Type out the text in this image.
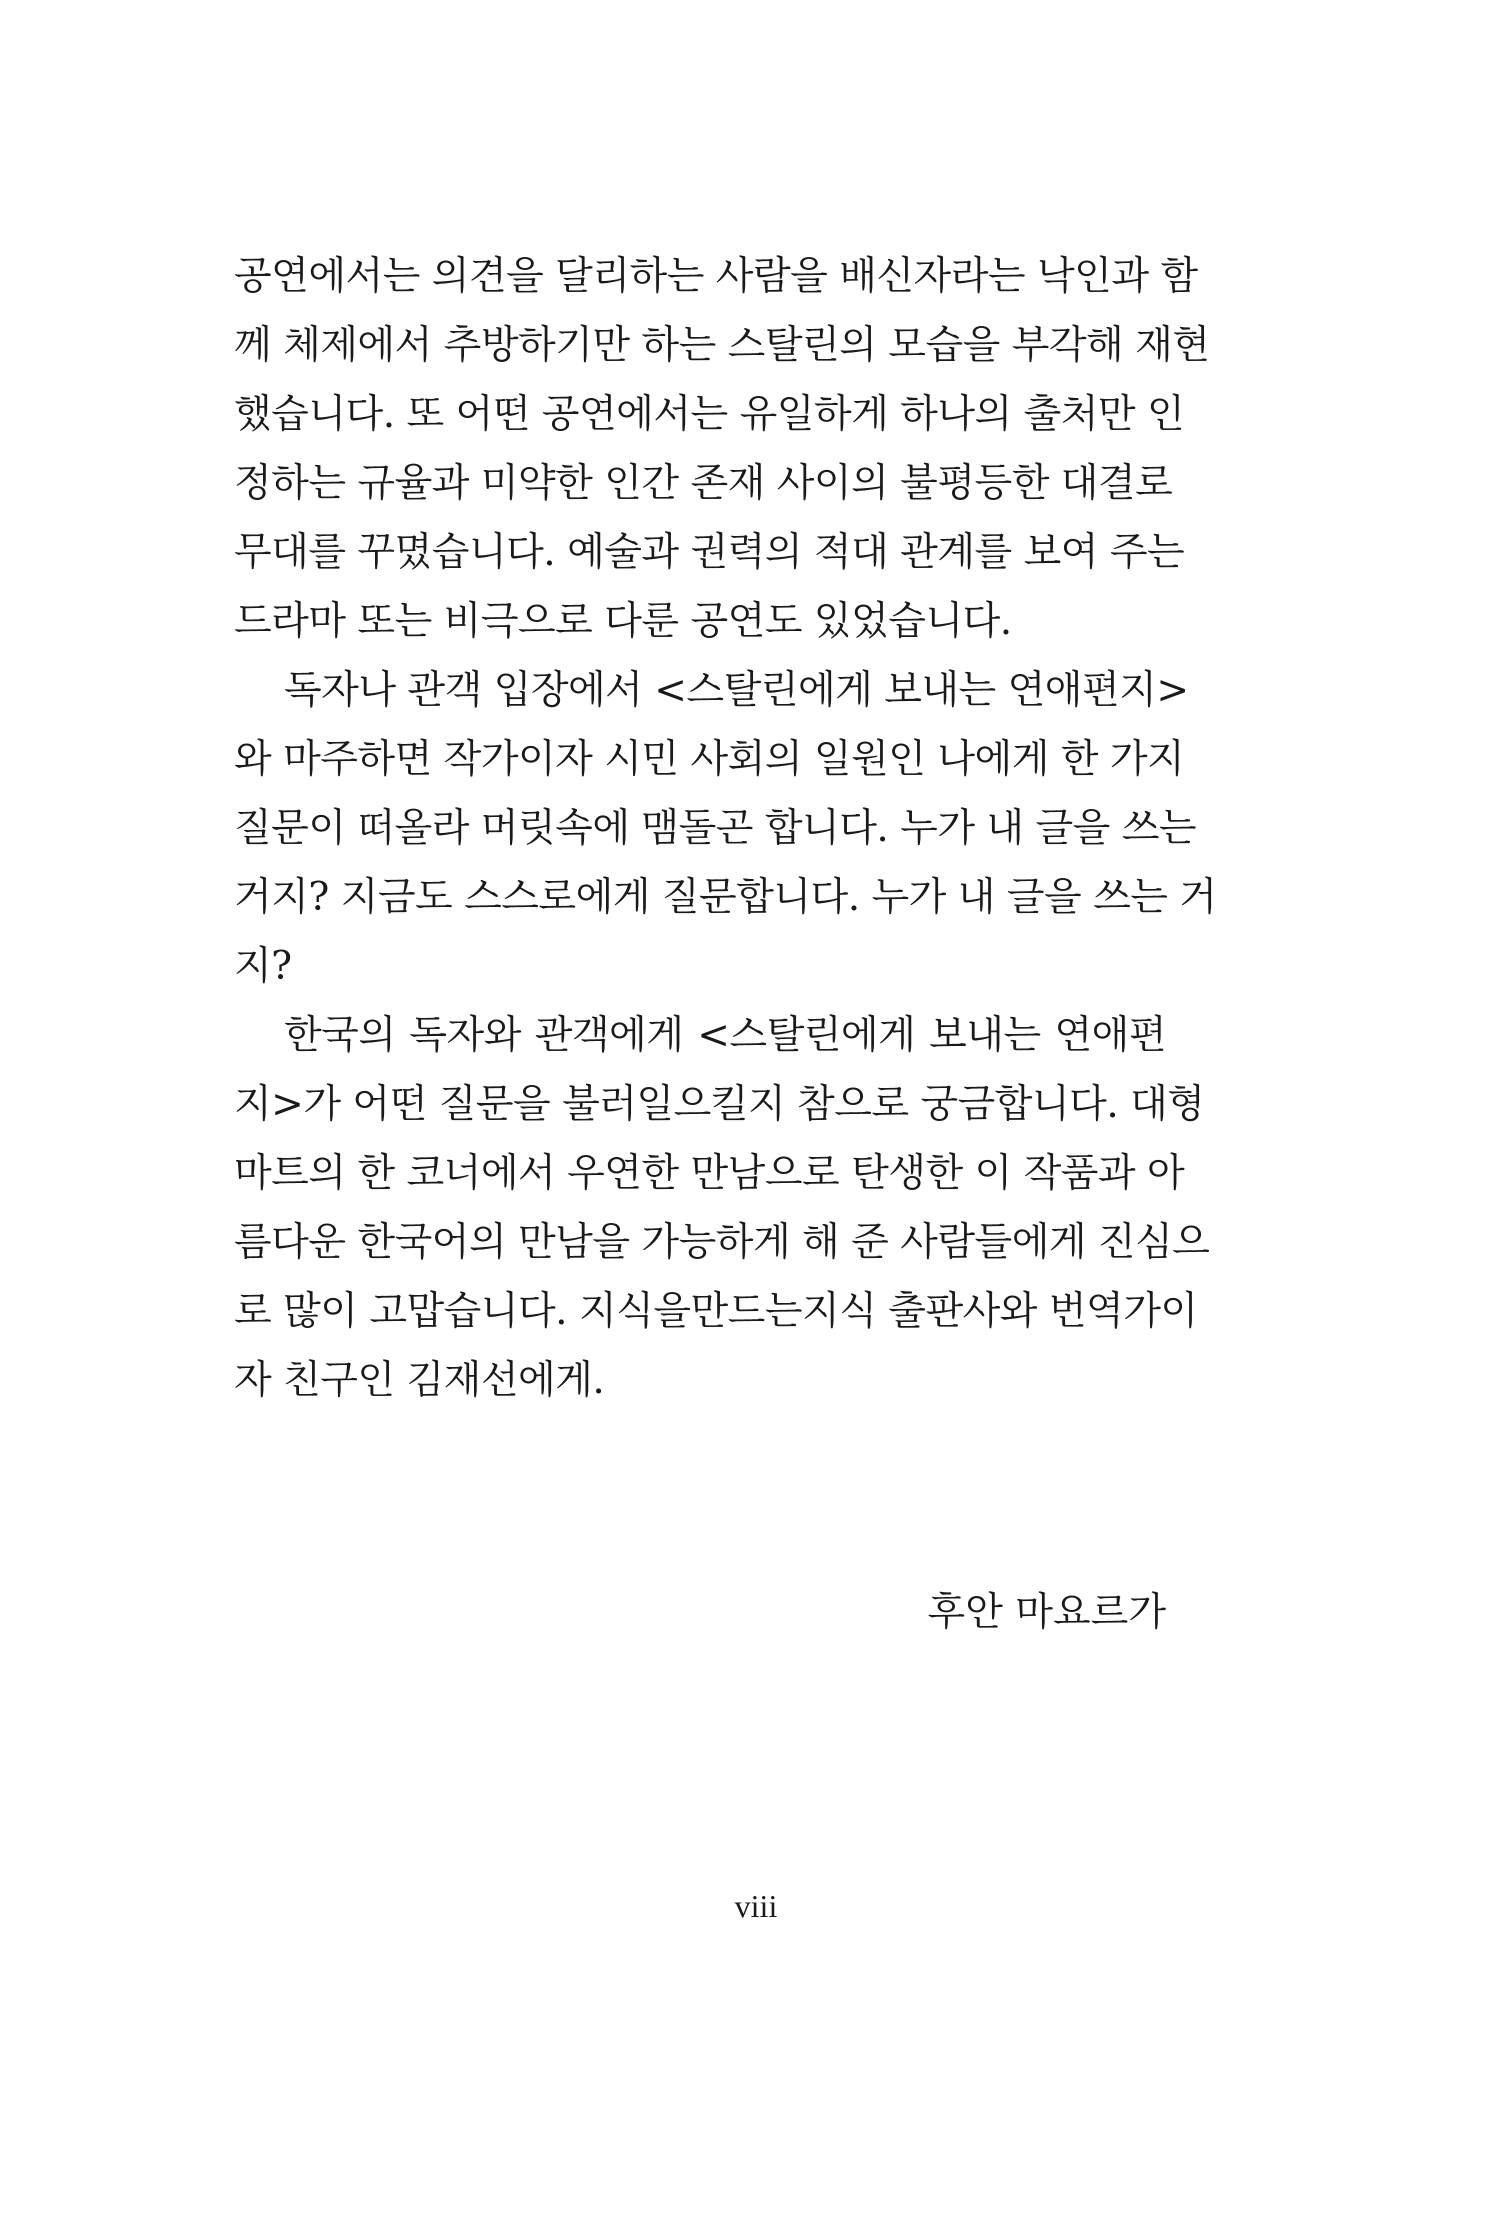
공연에서는 의견을 달리하는 사람을 배신자라는 낙인과 함
께 체제에서 추방하기만 하는 스탈린의 모습을 부각해 재현
했습니다. 또 어떤 공연에서는 유일하게 하나의 출처만 인
정하는 규율과 미약한 인간 존재 사이의 불평등한 대결로
무대를 꾸몄습니다. 예술과 권력의 적대 관계를 보여 주는
드라마 또는 비극으로 다룬 공연도 있었습니다.
독자나 관객 입장에서 <스탈린에게 보내는 연애편지>
와 마주하면 작가이자 시민 사회의 일원인 나에게 한 가지
질문이 떠올라 머릿속에 맴돌곤 합니다. 누가 내 글을 쓰는
거지? 지금도 스스로에게 질문합니다. 누가 내 글을 쓰는 거
지?
한국의 독자와 관객에게 <스탈린에게 보내는 연애편
지>가 어떤 질문을 불러일으킬지 참으로 궁금합니다. 대형
마트의 한 코너에서 우연한 만남으로 탄생한 이 작품과 아
름다운 한국어의 만남을 가능하게 해 준 사람들에게 진심으
로 많이 고맙습니다. 지식을만드는지식 출판사와 번역가이
자 친구인 김재선에게.
후안 마요르가
viii
